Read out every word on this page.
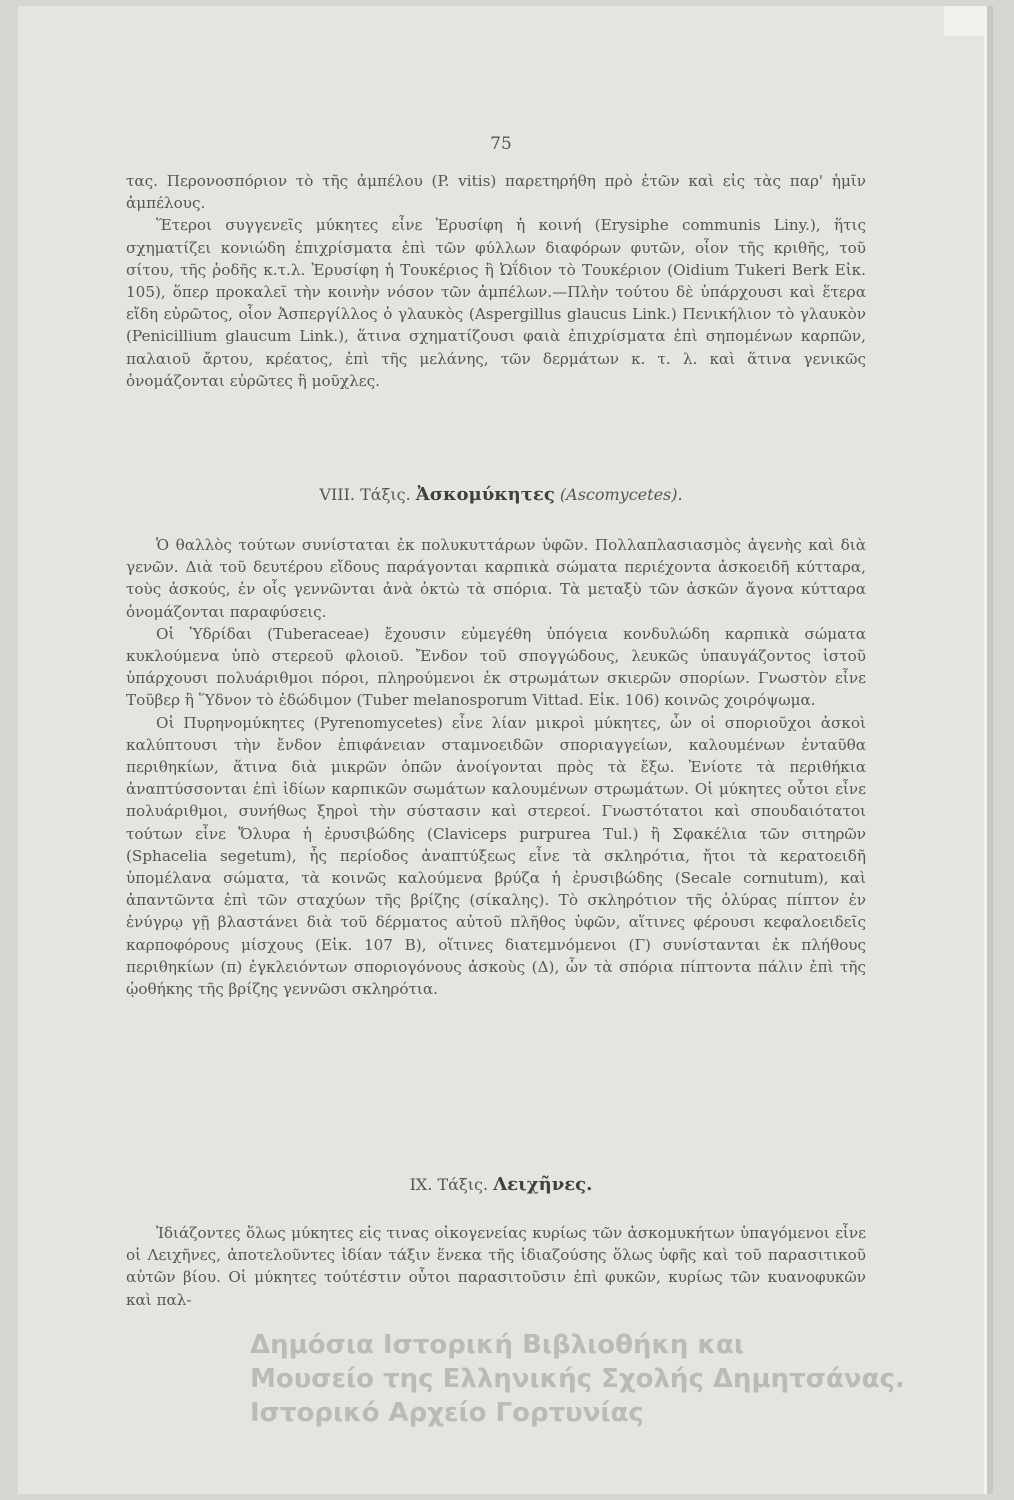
75

τας. Περονοσπόριον τὸ τῆς ἀμπέλου (P. vitis) παρετηρήθη πρὸ ἐτῶν καὶ εἰς τὰς παρ' ἡμῖν ἀμπέλους.

Ἕτεροι συγγενεῖς μύκητες εἶνε Ἐρυσίφη ἡ κοινή (Erysiphe communis Liny.), ἥτις σχηματίζει κονιώδη ἐπιχρίσματα ἐπὶ τῶν φύλλων διαφόρων φυτῶν, οἷον τῆς κριθῆς, τοῦ σίτου, τῆς ῥοδῆς κ.τ.λ. Ἐρυσίφη ἡ Τουκέριος ἢ Ὠΐδιον τὸ Τουκέριον (Oidium Tukeri Berk Εἰκ. 105), ὅπερ προκαλεῖ τὴν κοινὴν νόσον τῶν ἀμπέλων.—Πλὴν τούτου δὲ ὑπάρχουσι καὶ ἕτερα εἴδη εὐρῶτος, οἷον Ἀσπεργίλλος ὁ γλαυκὸς (Aspergillus glaucus Link.) Πενικήλιον τὸ γλαυκὸν (Penicillium glaucum Link.), ἅτινα σχηματίζουσι φαιὰ ἐπιχρίσματα ἐπὶ σηπομένων καρπῶν, παλαιοῦ ἄρτου, κρέατος, ἐπὶ τῆς μελάνης, τῶν δερμάτων κ. τ. λ. καὶ ἅτινα γενικῶς ὀνομάζονται εὐρῶτες ἢ μοῦχλες.

VIII. Τάξις. Ἀσκομύκητες (Ascomycetes).

Ὁ θαλλὸς τούτων συνίσταται ἐκ πολυκυττάρων ὑφῶν. Πολλαπλασιασμὸς ἀγενὴς καὶ διὰ γενῶν. Διὰ τοῦ δευτέρου εἴδους παράγονται καρπικὰ σώματα περιέχοντα ἀσκοειδῆ κύτταρα, τοὺς ἀσκούς, ἐν οἷς γεννῶνται ἀνὰ ὀκτὼ τὰ σπόρια. Τὰ μεταξὺ τῶν ἀσκῶν ἄγονα κύτταρα ὀνομάζονται παραφύσεις.

Οἱ Ὑδρίδαι (Tuberaceae) ἔχουσιν εὐμεγέθη ὑπόγεια κονδυλώδη καρπικὰ σώματα κυκλούμενα ὑπὸ στερεοῦ φλοιοῦ. Ἔνδον τοῦ σπογγώδους, λευκῶς ὑπαυγάζοντος ἱστοῦ ὑπάρχουσι πολυάριθμοι πόροι, πληρούμενοι ἐκ στρωμάτων σκιερῶν σπορίων. Γνωστὸν εἶνε Τοῦβερ ἢ Ὕδνον τὸ ἐδώδιμον (Tuber melanosporum Vittad. Εἰκ. 106) κοινῶς χοιρόψωμα.

Οἱ Πυρηνομύκητες (Pyrenomycetes) εἶνε λίαν μικροὶ μύκητες, ὧν οἱ σποριοῦχοι ἀσκοὶ καλύπτουσι τὴν ἔνδον ἐπιφάνειαν σταμνοειδῶν σποριαγγείων, καλουμένων ἐνταῦθα περιθηκίων, ἅτινα διὰ μικρῶν ὀπῶν ἀνοίγονται πρὸς τὰ ἔξω. Ἐνίοτε τὰ περιθήκια ἀναπτύσσονται ἐπὶ ἰδίων καρπικῶν σωμάτων καλουμένων στρωμάτων. Οἱ μύκητες οὗτοι εἶνε πολυάριθμοι, συνήθως ξηροὶ τὴν σύστασιν καὶ στερεοί. Γνωστότατοι καὶ σπουδαιότατοι τούτων εἶνε Ὄλυρα ἡ ἐρυσιβώδης (Claviceps purpurea Tul.) ἢ Σφακέλια τῶν σιτηρῶν (Sphacelia segetum), ἧς περίοδος ἀναπτύξεως εἶνε τὰ σκληρότια, ἤτοι τὰ κερατοειδῆ ὑπομέλανα σώματα, τὰ κοινῶς καλούμενα βρύζα ἡ ἐρυσιβώδης (Secale cornutum), καὶ ἀπαντῶντα ἐπὶ τῶν σταχύων τῆς βρίζης (σίκαλης). Τὸ σκληρότιον τῆς ὀλύρας πίπτον ἐν ἐνύγρῳ γῇ βλαστάνει διὰ τοῦ δέρματος αὐτοῦ πλῆθος ὑφῶν, αἵτινες φέρουσι κεφαλοειδεῖς καρποφόρους μίσχους (Εἰκ. 107 Β), οἵτινες διατεμνόμενοι (Γ) συνίστανται ἐκ πλήθους περιθηκίων (π) ἐγκλειόντων σποριογόνους ἀσκοὺς (Δ), ὧν τὰ σπόρια πίπτοντα πάλιν ἐπὶ τῆς ᾠοθήκης τῆς βρίζης γεννῶσι σκληρότια.

IX. Τάξις. Λειχῆνες.

Ἰδιάζοντες ὅλως μύκητες εἰς τινας οἰκογενείας κυρίως τῶν ἀσκομυκήτων ὑπαγόμενοι εἶνε οἱ Λειχῆνες, ἀποτελοῦντες ἰδίαν τάξιν ἕνεκα τῆς ἰδιαζούσης ὅλως ὑφῆς καὶ τοῦ παρασιτικοῦ αὐτῶν βίου. Οἱ μύκητες τούτέστιν οὗτοι παρασιτοῦσιν ἐπὶ φυκῶν, κυρίως τῶν κυανοφυκῶν καὶ παλ-

Δημόσια Ιστορική Βιβλιοθήκη και
Μουσείο της Ελληνικής Σχολής Δημητσάνας.
Ιστορικό Αρχείο Γορτυνίας
